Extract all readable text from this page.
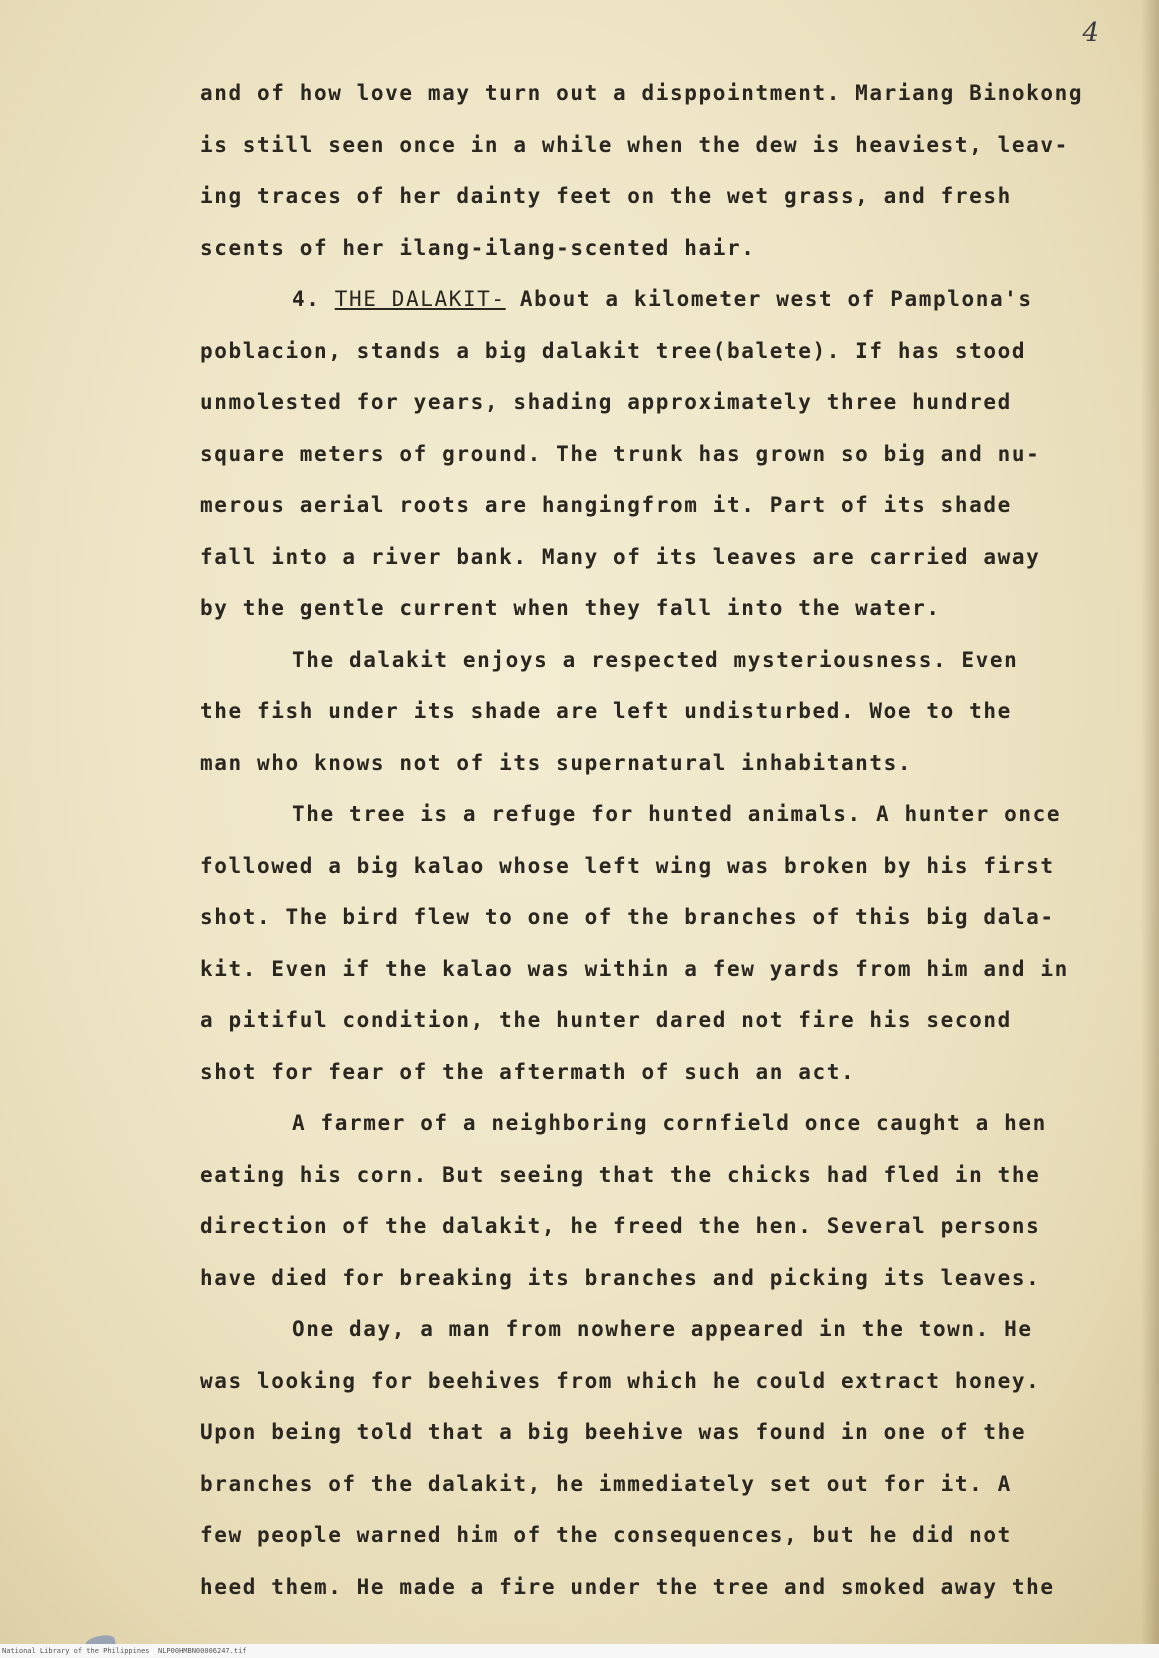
4
and of how love may turn out a disppointment. Mariang Binokong
is still seen once in a while when the dew is heaviest, leav-
ing traces of her dainty feet on the wet grass, and fresh
scents of her ilang-ilang-scented hair.
4. THE DALAKIT- About a kilometer west of Pamplona's
poblacion, stands a big dalakit tree(balete). If has stood
unmolested for years, shading approximately three hundred
square meters of ground. The trunk has grown so big and nu-
merous aerial roots are hangingfrom it. Part of its shade
fall into a river bank. Many of its leaves are carried away
by the gentle current when they fall into the water.
The dalakit enjoys a respected mysteriousness. Even
the fish under its shade are left undisturbed. Woe to the
man who knows not of its supernatural inhabitants.
The tree is a refuge for hunted animals. A hunter once
followed a big kalao whose left wing was broken by his first
shot. The bird flew to one of the branches of this big dala-
kit. Even if the kalao was within a few yards from him and in
a pitiful condition, the hunter dared not fire his second
shot for fear of the aftermath of such an act.
A farmer of a neighboring cornfield once caught a hen
eating his corn. But seeing that the chicks had fled in the
direction of the dalakit, he freed the hen. Several persons
have died for breaking its branches and picking its leaves.
One day, a man from nowhere appeared in the town. He
was looking for beehives from which he could extract honey.
Upon being told that a big beehive was found in one of the
branches of the dalakit, he immediately set out for it. A
few people warned him of the consequences, but he did not
heed them. He made a fire under the tree and smoked away the
National Library of the Philippines NLP00HMBN00006247.tif
